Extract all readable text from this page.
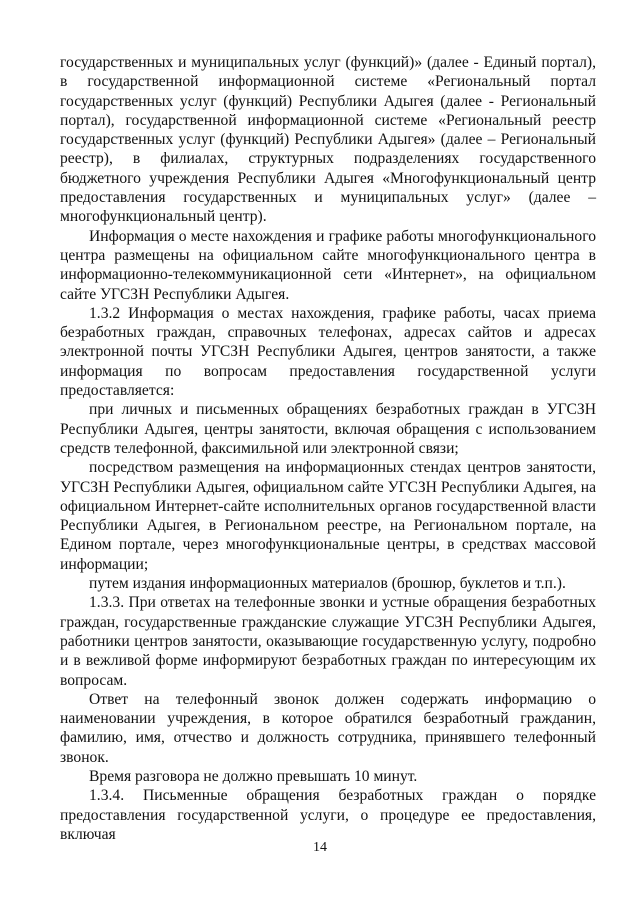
государственных и муниципальных услуг (функций)» (далее - Единый портал), в государственной информационной системе «Региональный портал государственных услуг (функций) Республики Адыгея (далее - Региональный портал), государственной информационной системе «Региональный реестр государственных услуг (функций) Республики Адыгея» (далее – Региональный реестр), в филиалах, структурных подразделениях государственного бюджетного учреждения Республики Адыгея «Многофункциональный центр предоставления государственных и муниципальных услуг» (далее – многофункциональный центр).

Информация о месте нахождения и графике работы многофункционального центра размещены на официальном сайте многофункционального центра в информационно-телекоммуникационной сети «Интернет», на официальном сайте УГСЗН Республики Адыгея.

1.3.2 Информация о местах нахождения, графике работы, часах приема безработных граждан, справочных телефонах, адресах сайтов и адресах электронной почты УГСЗН Республики Адыгея, центров занятости, а также информация по вопросам предоставления государственной услуги предоставляется:

при личных и письменных обращениях безработных граждан в УГСЗН Республики Адыгея, центры занятости, включая обращения с использованием средств телефонной, факсимильной или электронной связи;

посредством размещения на информационных стендах центров занятости, УГСЗН Республики Адыгея, официальном сайте УГСЗН Республики Адыгея, на официальном Интернет-сайте исполнительных органов государственной власти Республики Адыгея, в Региональном реестре, на Региональном портале, на Едином портале, через многофункциональные центры, в средствах массовой информации;

путем издания информационных материалов (брошюр, буклетов и т.п.).

1.3.3. При ответах на телефонные звонки и устные обращения безработных граждан, государственные гражданские служащие УГСЗН Республики Адыгея, работники центров занятости, оказывающие государственную услугу, подробно и в вежливой форме информируют безработных граждан по интересующим их вопросам.

Ответ на телефонный звонок должен содержать информацию о наименовании учреждения, в которое обратился безработный гражданин, фамилию, имя, отчество и должность сотрудника, принявшего телефонный звонок.

Время разговора не должно превышать 10 минут.

1.3.4. Письменные обращения безработных граждан о порядке предоставления государственной услуги, о процедуре ее предоставления, включая

14
